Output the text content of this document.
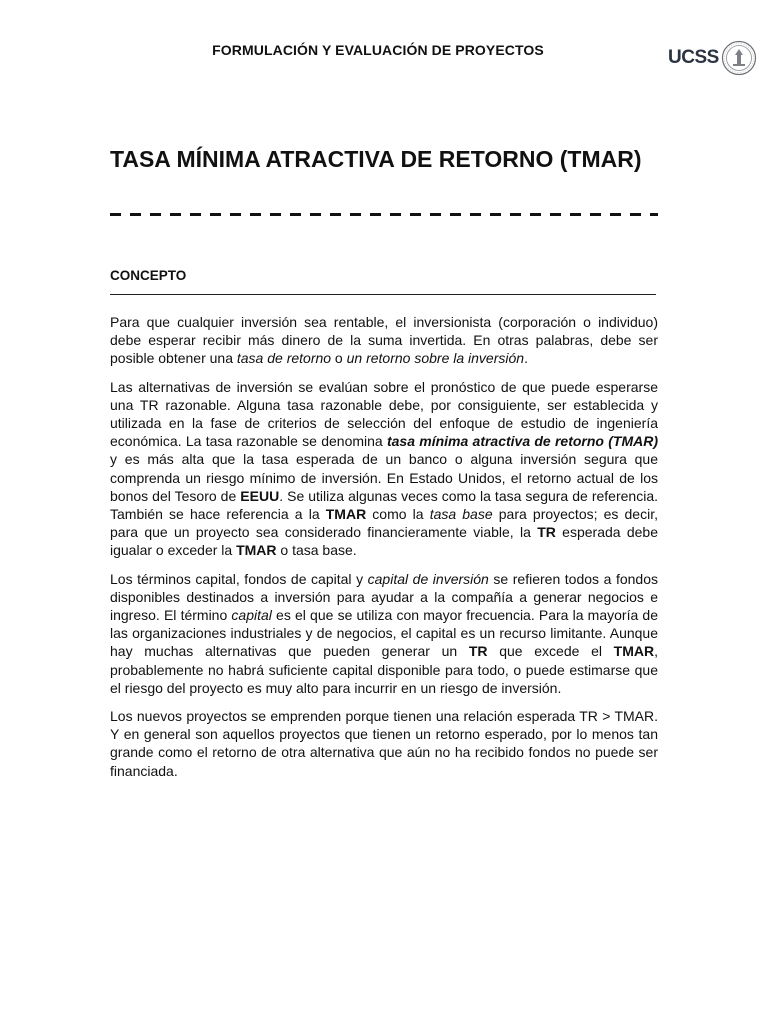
FORMULACIÓN Y EVALUACIÓN DE PROYECTOS	UCSS
TASA MÍNIMA ATRACTIVA DE RETORNO (TMAR)
CONCEPTO

Para que cualquier inversión sea rentable, el inversionista (corporación o individuo) debe esperar recibir más dinero de la suma invertida. En otras palabras, debe ser posible obtener una tasa de retorno o un retorno sobre la inversión.

Las alternativas de inversión se evalúan sobre el pronóstico de que puede esperarse una TR razonable. Alguna tasa razonable debe, por consiguiente, ser establecida y utilizada en la fase de criterios de selección del enfoque de estudio de ingeniería económica. La tasa razonable se denomina tasa mínima atractiva de retorno (TMAR) y es más alta que la tasa esperada de un banco o alguna inversión segura que comprenda un riesgo mínimo de inversión. En Estado Unidos, el retorno actual de los bonos del Tesoro de EEUU. Se utiliza algunas veces como la tasa segura de referencia. También se hace referencia a la TMAR como la tasa base para proyectos; es decir, para que un proyecto sea considerado financieramente viable, la TR esperada debe igualar o exceder la TMAR o tasa base.

Los términos capital, fondos de capital y capital de inversión se refieren todos a fondos disponibles destinados a inversión para ayudar a la compañía a generar negocios e ingreso. El término capital es el que se utiliza con mayor frecuencia. Para la mayoría de las organizaciones industriales y de negocios, el capital es un recurso limitante. Aunque hay muchas alternativas que pueden generar un TR que excede el TMAR, probablemente no habrá suficiente capital disponible para todo, o puede estimarse que el riesgo del proyecto es muy alto para incurrir en un riesgo de inversión.

Los nuevos proyectos se emprenden porque tienen una relación esperada TR > TMAR. Y en general son aquellos proyectos que tienen un retorno esperado, por lo menos tan grande como el retorno de otra alternativa que aún no ha recibido fondos no puede ser financiada.
